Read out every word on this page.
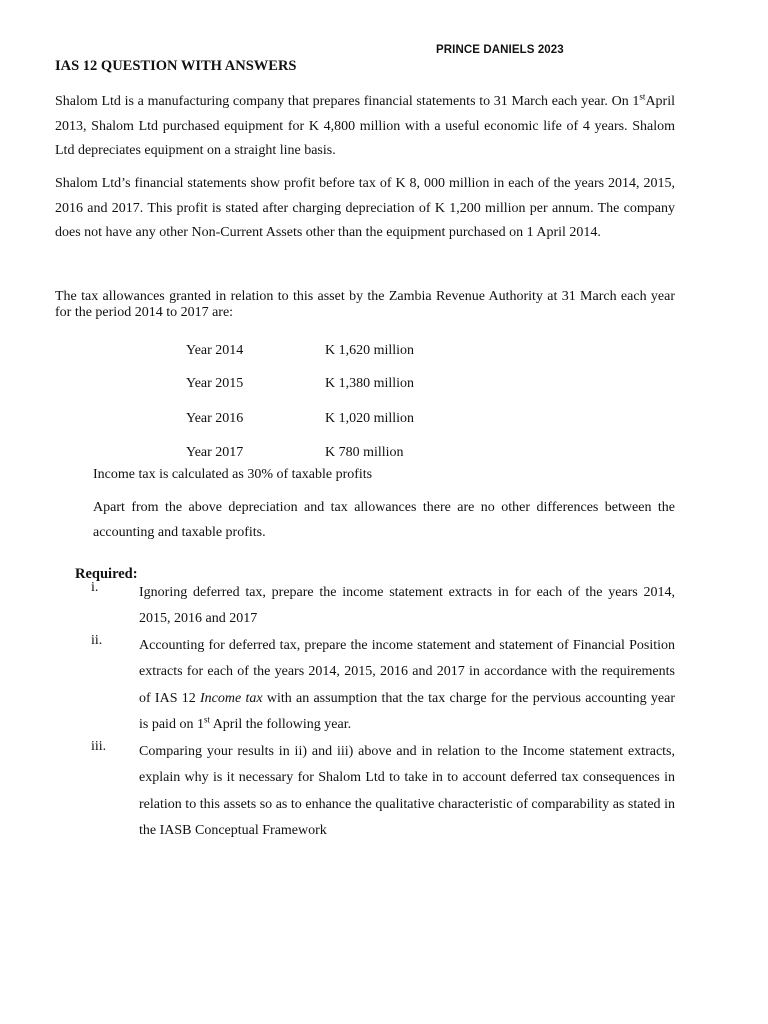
PRINCE DANIELS 2023
IAS 12 QUESTION WITH ANSWERS
Shalom Ltd is a manufacturing company that prepares financial statements to 31 March each year. On 1stApril 2013, Shalom Ltd purchased equipment for K 4,800 million with a useful economic life of 4 years. Shalom Ltd depreciates equipment on a straight line basis.
Shalom Ltd’s financial statements show profit before tax of K 8, 000 million in each of the years 2014, 2015, 2016 and 2017. This profit is stated after charging depreciation of K 1,200 million per annum. The company does not have any other Non-Current Assets other than the equipment purchased on 1 April 2014.
The tax allowances granted in relation to this asset by the Zambia Revenue Authority at 31 March each year for the period 2014 to 2017 are:
Year 2014	K 1,620 million
Year 2015	K 1,380 million
Year 2016	K 1,020 million
Year 2017	K 780 million
Income tax is calculated as 30% of taxable profits
Apart from the above depreciation and tax allowances there are no other differences between the accounting and taxable profits.
Required:
i.	Ignoring deferred tax, prepare the income statement extracts in for each of the years 2014, 2015, 2016 and 2017
ii.	Accounting for deferred tax, prepare the income statement and statement of Financial Position extracts for each of the years 2014, 2015, 2016 and 2017 in accordance with the requirements of IAS 12 Income tax with an assumption that the tax charge for the pervious accounting year is paid on 1st April the following year.
iii.	Comparing your results in ii) and iii) above and in relation to the Income statement extracts, explain why is it necessary for Shalom Ltd to take in to account deferred tax consequences in relation to this assets so as to enhance the qualitative characteristic of comparability as stated in the IASB Conceptual Framework
